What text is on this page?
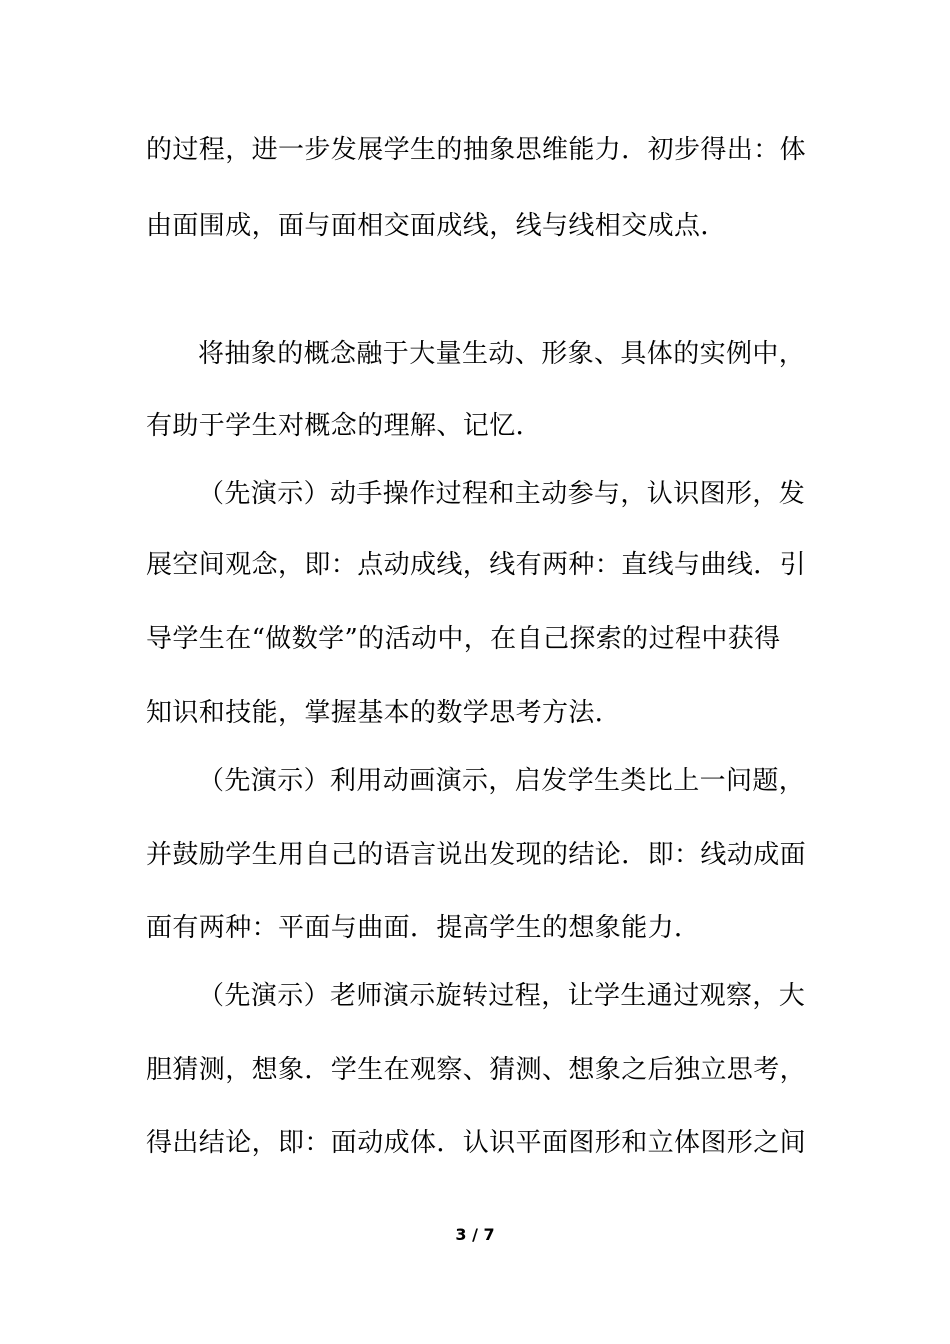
的过程，进一步发展学生的抽象思维能力．初步得出：体
由面围成，面与面相交面成线，线与线相交成点．
将抽象的概念融于大量生动、形象、具体的实例中，
有助于学生对概念的理解、记忆．
（先演示）动手操作过程和主动参与，认识图形，发
展空间观念，即：点动成线，线有两种：直线与曲线．引
导学生在“做数学”的活动中，在自己探索的过程中获得
知识和技能，掌握基本的数学思考方法．
（先演示）利用动画演示，启发学生类比上一问题，
并鼓励学生用自己的语言说出发现的结论．即：线动成面
面有两种：平面与曲面．提高学生的想象能力．
（先演示）老师演示旋转过程，让学生通过观察，大
胆猜测，想象．学生在观察、猜测、想象之后独立思考，
得出结论，即：面动成体．认识平面图形和立体图形之间
3 / 7
